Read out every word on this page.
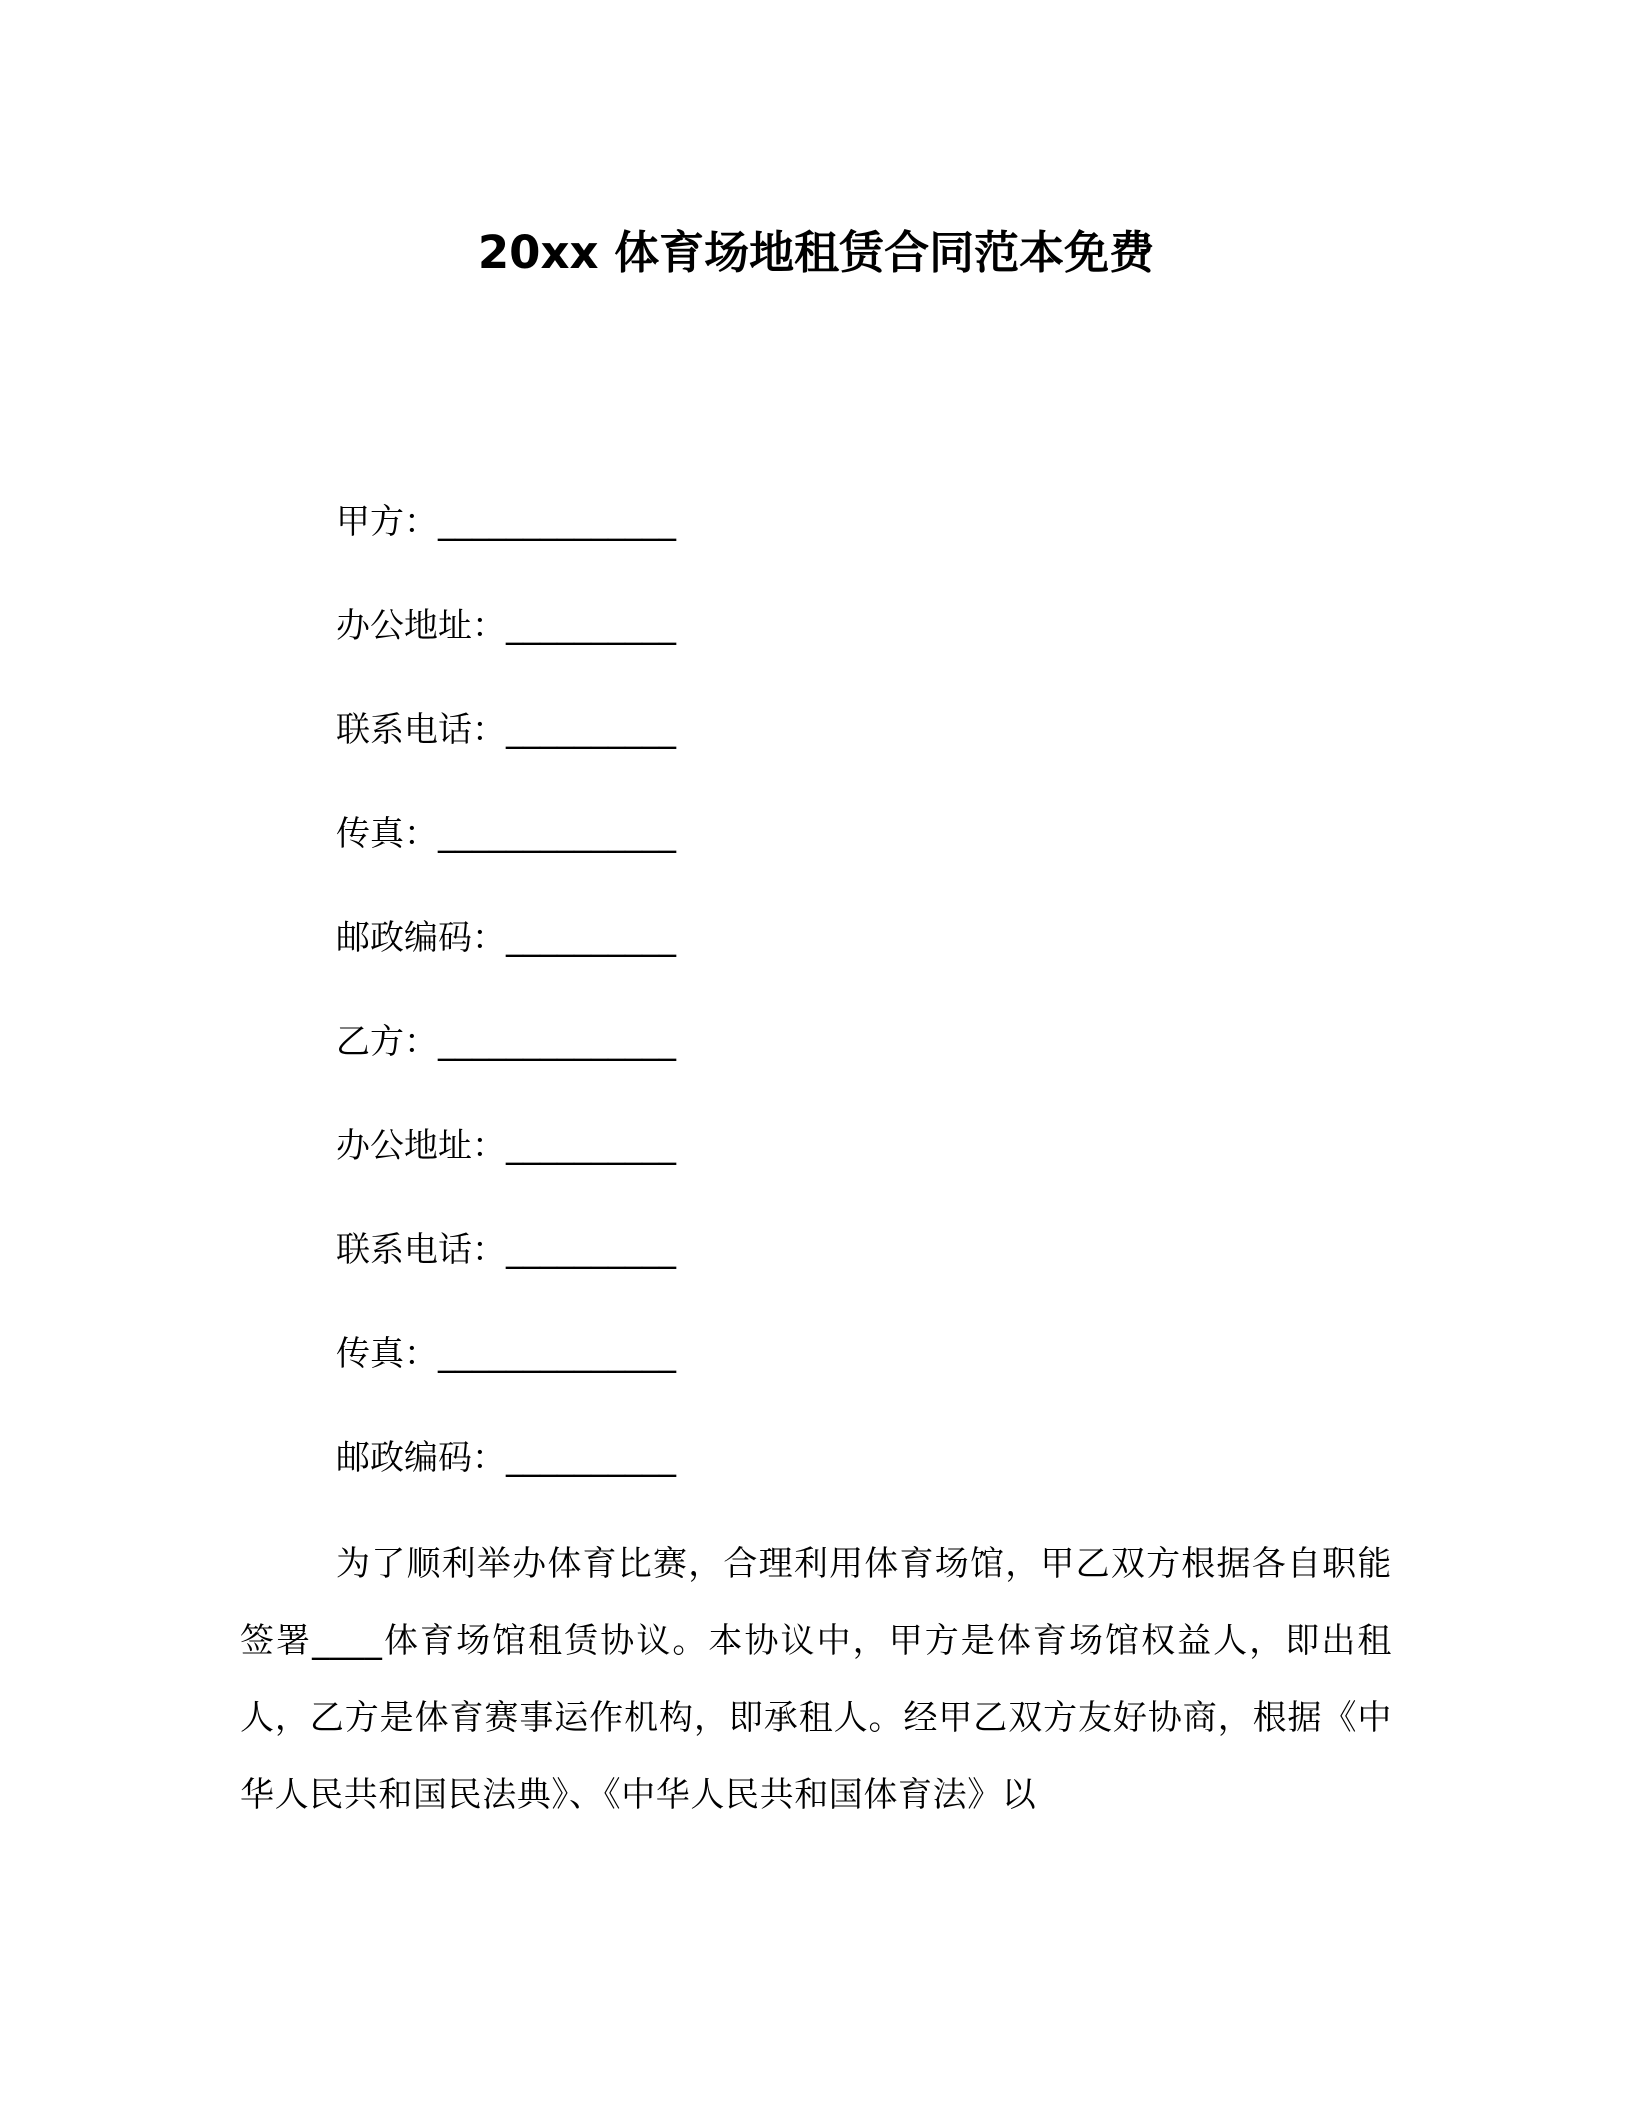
20xx 体育场地租赁合同范本免费
甲方：______________
办公地址：__________
联系电话：__________
传真：______________
邮政编码：__________
乙方：______________
办公地址：__________
联系电话：__________
传真：______________
邮政编码：__________

为了顺利举办体育比赛，合理利用体育场馆，甲乙双方根据各自职能签署____体育场馆租赁协议。本协议中，甲方是体育场馆权益人，即出租人，乙方是体育赛事运作机构，即承租人。经甲乙双方友好协商，根据《中华人民共和国民法典》、《中华人民共和国体育法》以
